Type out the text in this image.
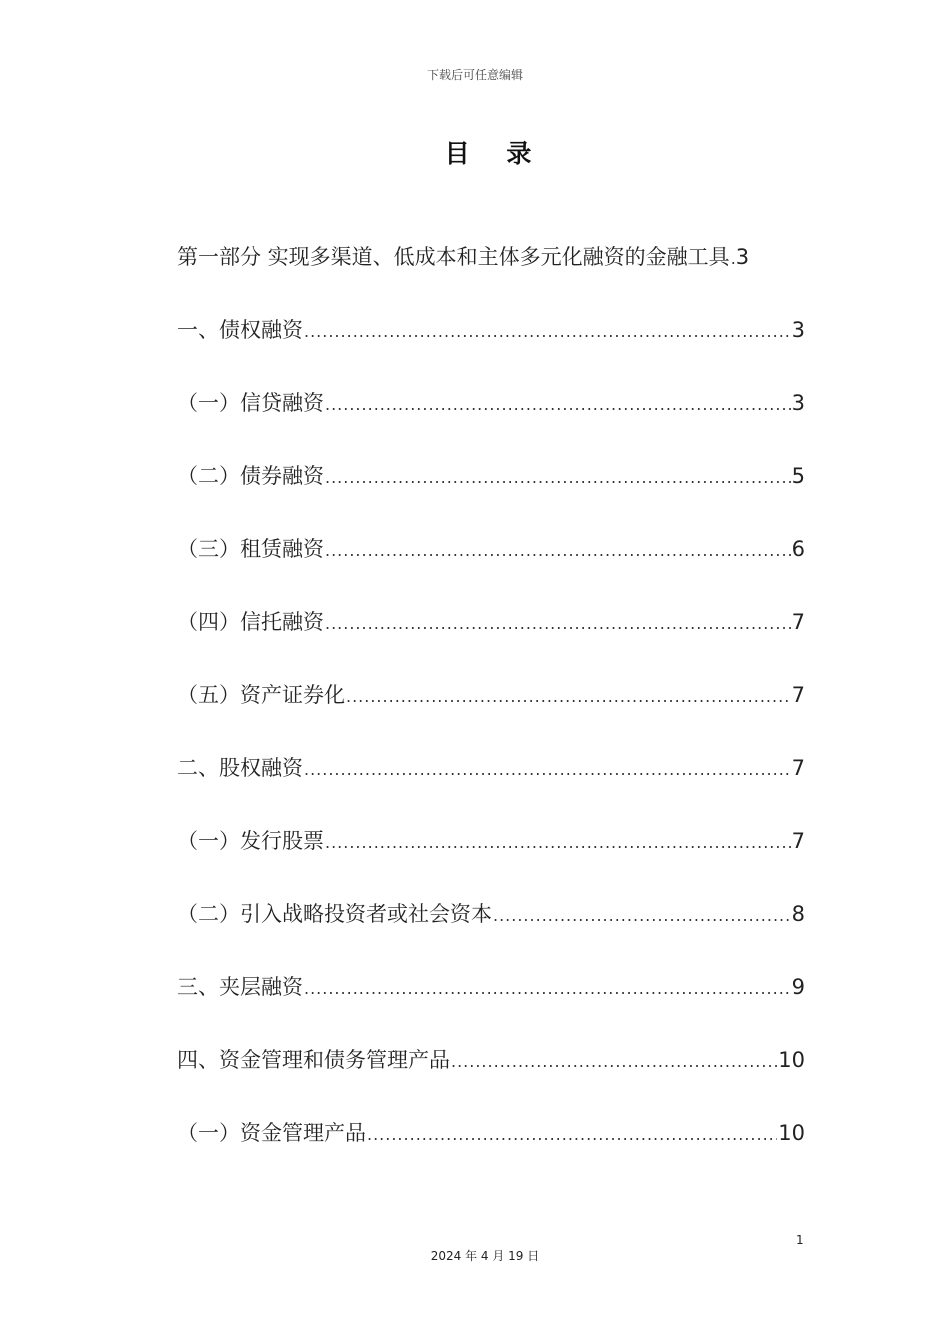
下载后可任意编辑
目 录
第一部分 实现多渠道、低成本和主体多元化融资的金融工具 ..... 3
一、债权融资 .....	3
（一）信贷融资 .....	3
（二）债券融资 .....	5
（三）租赁融资 .....	6
（四）信托融资 .....	7
（五）资产证券化 .....	7
二、股权融资 .....	7
（一）发行股票 .....	7
（二）引入战略投资者或社会资本 .....	8
三、夹层融资 .....	9
四、资金管理和债务管理产品 .....	10
（一）资金管理产品 .....	10
1
2024 年 4 月 19 日
